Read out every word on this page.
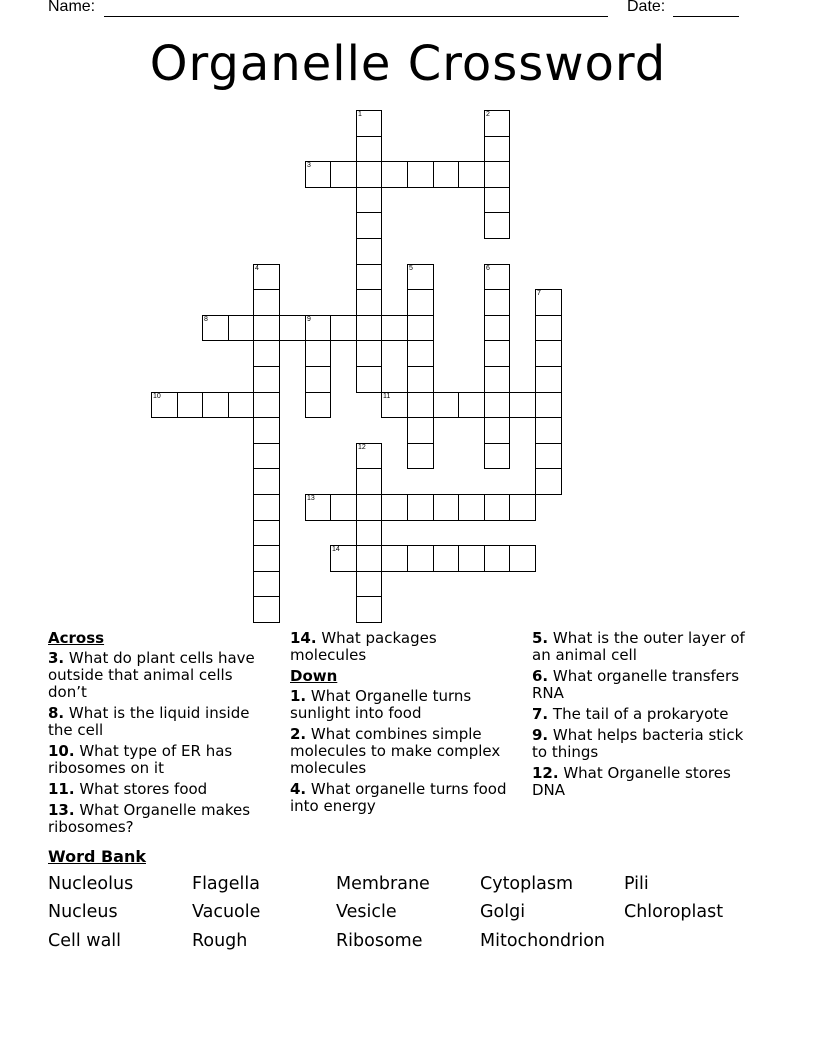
Name:	Date:
Organelle Crossword
1	2
3
4	5	6
7
8	9
10	11
12
13
14
Across
3. What do plant cells have outside that animal cells don’t
8. What is the liquid inside the cell
10. What type of ER has ribosomes on it
11. What stores food
13. What Organelle makes ribosomes?
14. What packages molecules
Down
1. What Organelle turns sunlight into food
2. What combines simple molecules to make complex molecules
4. What organelle turns food into energy
5. What is the outer layer of an animal cell
6. What organelle transfers RNA
7. The tail of a prokaryote
9. What helps bacteria stick to things
12. What Organelle stores DNA
Word Bank
Nucleolus	Flagella	Membrane	Cytoplasm	Pili
Nucleus	Vacuole	Vesicle	Golgi	Chloroplast
Cell wall	Rough	Ribosome	Mitochondrion
